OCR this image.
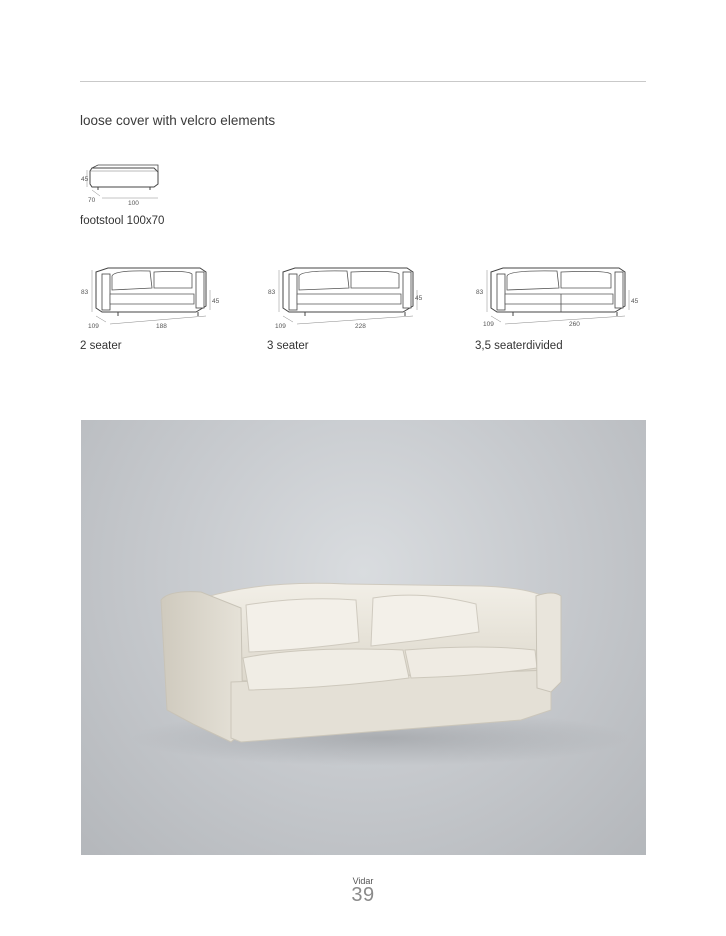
loose cover with velcro elements
45
70	100
footstool 100x70
83
45
109	188
2 seater
83
45
109	228
3 seater
83
45
109	260
3,5 seaterdivided
Vidar
39
